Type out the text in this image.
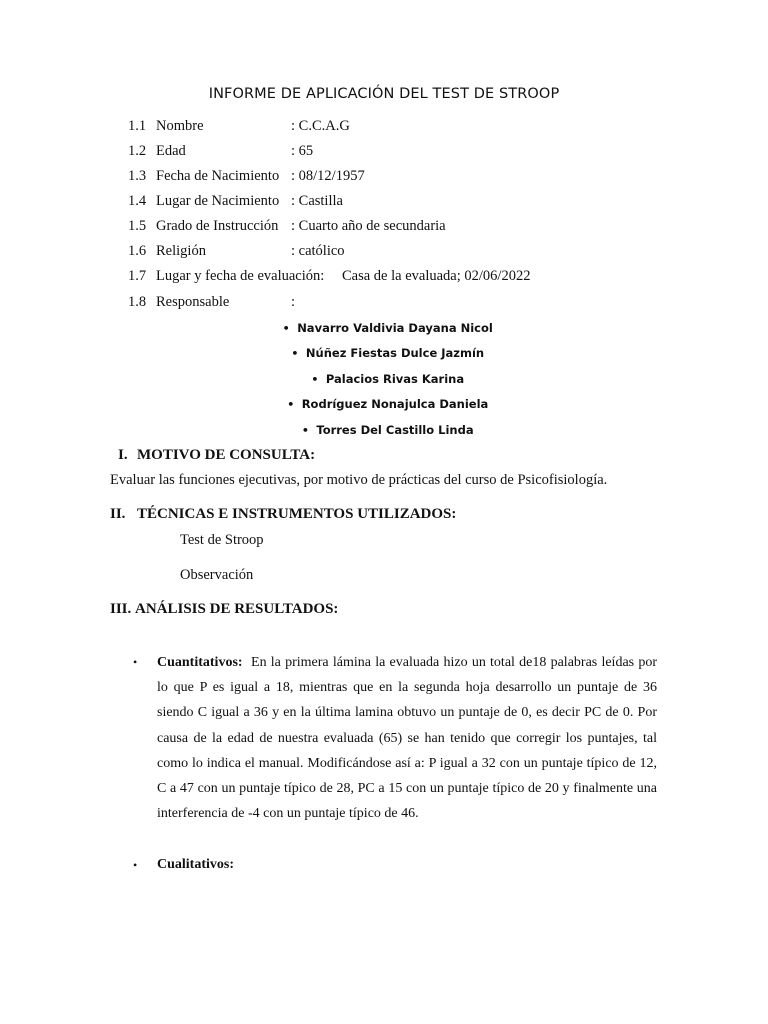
INFORME DE APLICACIÓN DEL TEST DE STROOP
1.1 Nombre	: C.C.A.G
1.2 Edad	: 65
1.3 Fecha de Nacimiento : 08/12/1957
1.4 Lugar de Nacimiento : Castilla
1.5 Grado de Instrucción : Cuarto año de secundaria
1.6 Religión	: católico
1.7 Lugar y fecha de evaluación: Casa de la evaluada; 02/06/2022
1.8 Responsable	:
• Navarro Valdivia Dayana Nicol
• Núñez Fiestas Dulce Jazmín
• Palacios Rivas Karina
• Rodríguez Nonajulca Daniela
• Torres Del Castillo Linda
I. MOTIVO DE CONSULTA:
Evaluar las funciones ejecutivas, por motivo de prácticas del curso de Psicofisiología.
II. TÉCNICAS E INSTRUMENTOS UTILIZADOS:
Test de Stroop
Observación
III. ANÁLISIS DE RESULTADOS:
• Cuantitativos: En la primera lámina la evaluada hizo un total de18 palabras leídas por lo que P es igual a 18, mientras que en la segunda hoja desarrollo un puntaje de 36 siendo C igual a 36 y en la última lamina obtuvo un puntaje de 0, es decir PC de 0. Por causa de la edad de nuestra evaluada (65) se han tenido que corregir los puntajes, tal como lo indica el manual. Modificándose así a: P igual a 32 con un puntaje típico de 12, C a 47 con un puntaje típico de 28, PC a 15 con un puntaje típico de 20 y finalmente una interferencia de -4 con un puntaje típico de 46.
• Cualitativos:
